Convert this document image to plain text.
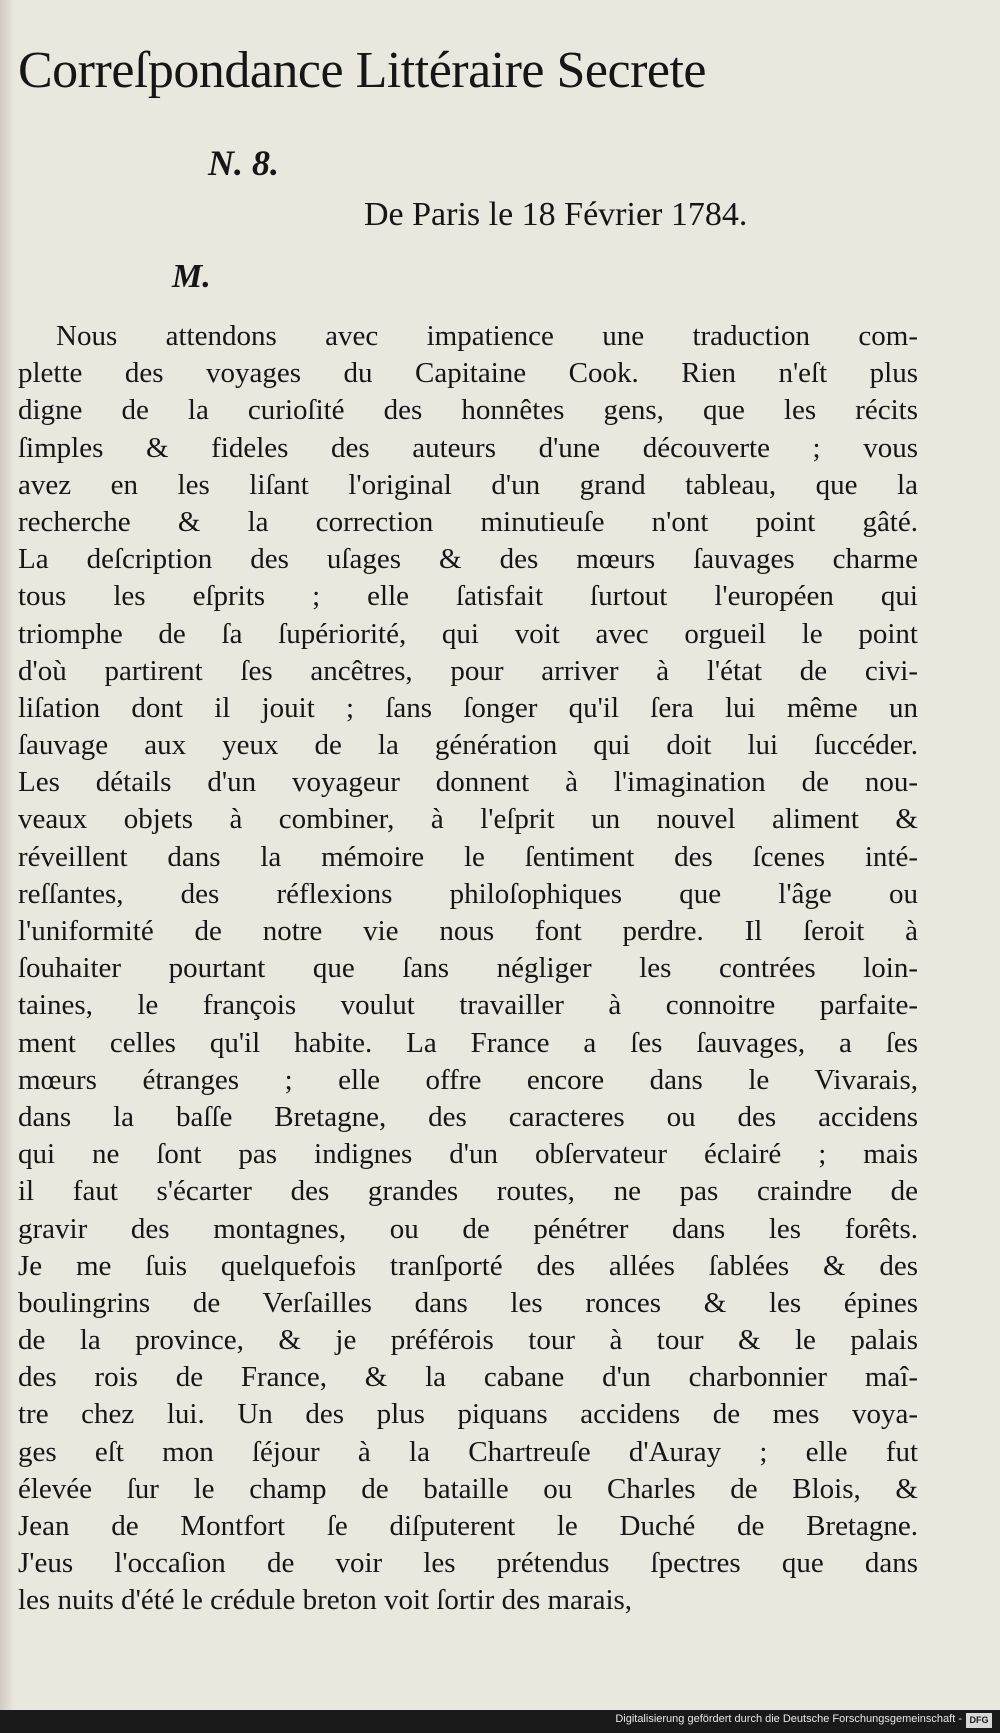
Correſpondance Littéraire Secrete
N. 8.
De Paris le 18 Février 1784.
M.
Nous attendons avec impatience une traduction com-
plette des voyages du Capitaine Cook. Rien n'eſt plus
digne de la curioſité des honnêtes gens, que les récits
ſimples & fideles des auteurs d'une découverte ; vous
avez en les liſant l'original d'un grand tableau, que la
recherche & la correction minutieuſe n'ont point gâté.
La deſcription des uſages & des mœurs ſauvages charme
tous les eſprits ; elle ſatisfait ſurtout l'européen qui
triomphe de ſa ſupériorité, qui voit avec orgueil le point
d'où partirent ſes ancêtres, pour arriver à l'état de civi-
liſation dont il jouit ; ſans ſonger qu'il ſera lui même un
ſauvage aux yeux de la génération qui doit lui ſuccéder.
Les détails d'un voyageur donnent à l'imagination de nou-
veaux objets à combiner, à l'eſprit un nouvel aliment &
réveillent dans la mémoire le ſentiment des ſcenes inté-
reſſantes, des réflexions philoſophiques que l'âge ou
l'uniformité de notre vie nous font perdre. Il ſeroit à
ſouhaiter pourtant que ſans négliger les contrées loin-
taines, le françois voulut travailler à connoitre parfaite-
ment celles qu'il habite. La France a ſes ſauvages, a ſes
mœurs étranges ; elle offre encore dans le Vivarais,
dans la baſſe Bretagne, des caracteres ou des accidens
qui ne ſont pas indignes d'un obſervateur éclairé ; mais
il faut s'écarter des grandes routes, ne pas craindre de
gravir des montagnes, ou de pénétrer dans les forêts.
Je me ſuis quelquefois tranſporté des allées ſablées & des
boulingrins de Verſailles dans les ronces & les épines
de la province, & je préférois tour à tour & le palais
des rois de France, & la cabane d'un charbonnier maî-
tre chez lui. Un des plus piquans accidens de mes voya-
ges eſt mon ſéjour à la Chartreuſe d'Auray ; elle fut
élevée ſur le champ de bataille ou Charles de Blois, &
Jean de Montfort ſe diſputerent le Duché de Bretagne.
J'eus l'occaſion de voir les prétendus ſpectres que dans
les nuits d'été le crédule breton voit ſortir des marais,
Digitalisierung gefördert durch die Deutsche Forschungsgemeinschaft - DFG
